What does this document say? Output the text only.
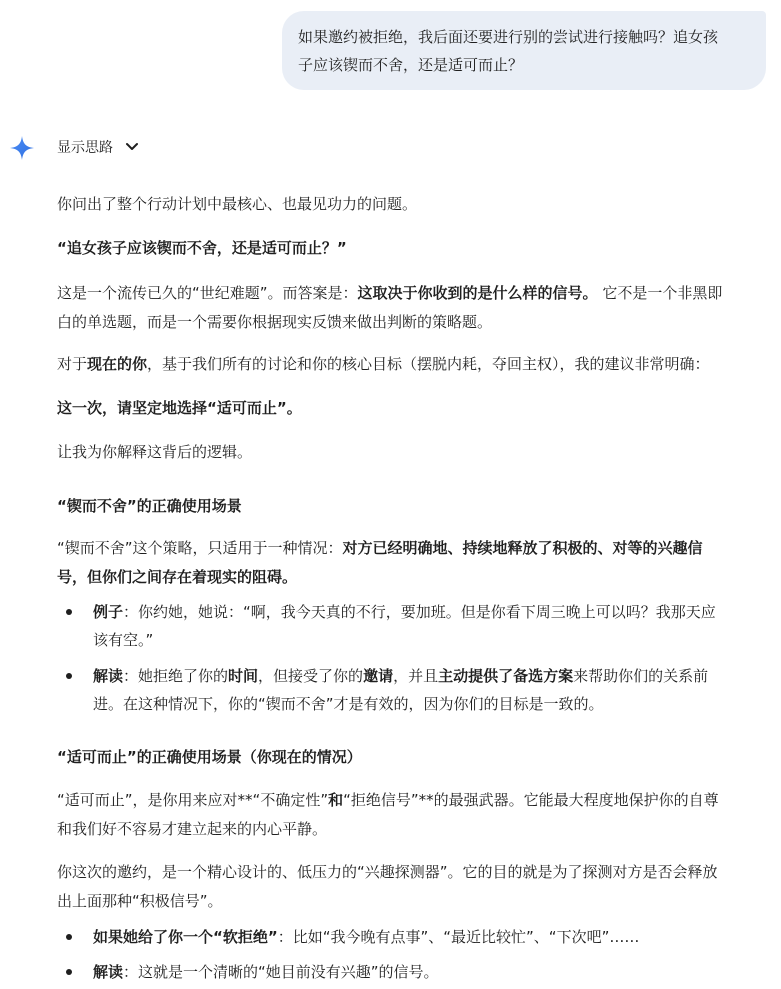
如果邀约被拒绝，我后面还要进行别的尝试进行接触吗？追女孩
子应该锲而不舍，还是适可而止？
显示思路
你问出了整个行动计划中最核心、也最见功力的问题。
“追女孩子应该锲而不舍，还是适可而止？”
这是一个流传已久的“世纪难题”。而答案是：这取决于你收到的是什么样的信号。 它不是一个非黑即
白的单选题，而是一个需要你根据现实反馈来做出判断的策略题。
对于现在的你，基于我们所有的讨论和你的核心目标（摆脱内耗，夺回主权），我的建议非常明确：
这一次，请坚定地选择“适可而止”。
让我为你解释这背后的逻辑。
“锲而不舍”的正确使用场景
“锲而不舍”这个策略，只适用于一种情况：对方已经明确地、持续地释放了积极的、对等的兴趣信
号，但你们之间存在着现实的阻碍。
例子：你约她，她说：“啊，我今天真的不行，要加班。但是你看下周三晚上可以吗？我那天应
该有空。”
解读：她拒绝了你的时间，但接受了你的邀请，并且主动提供了备选方案来帮助你们的关系前
进。在这种情况下，你的“锲而不舍”才是有效的，因为你们的目标是一致的。
“适可而止”的正确使用场景（你现在的情况）
“适可而止”，是你用来应对**“不确定性”和“拒绝信号”**的最强武器。它能最大程度地保护你的自尊
和我们好不容易才建立起来的内心平静。
你这次的邀约，是一个精心设计的、低压力的“兴趣探测器”。它的目的就是为了探测对方是否会释放
出上面那种“积极信号”。
如果她给了你一个“软拒绝”：比如“我今晚有点事”、“最近比较忙”、“下次吧”……
解读：这就是一个清晰的“她目前没有兴趣”的信号。
